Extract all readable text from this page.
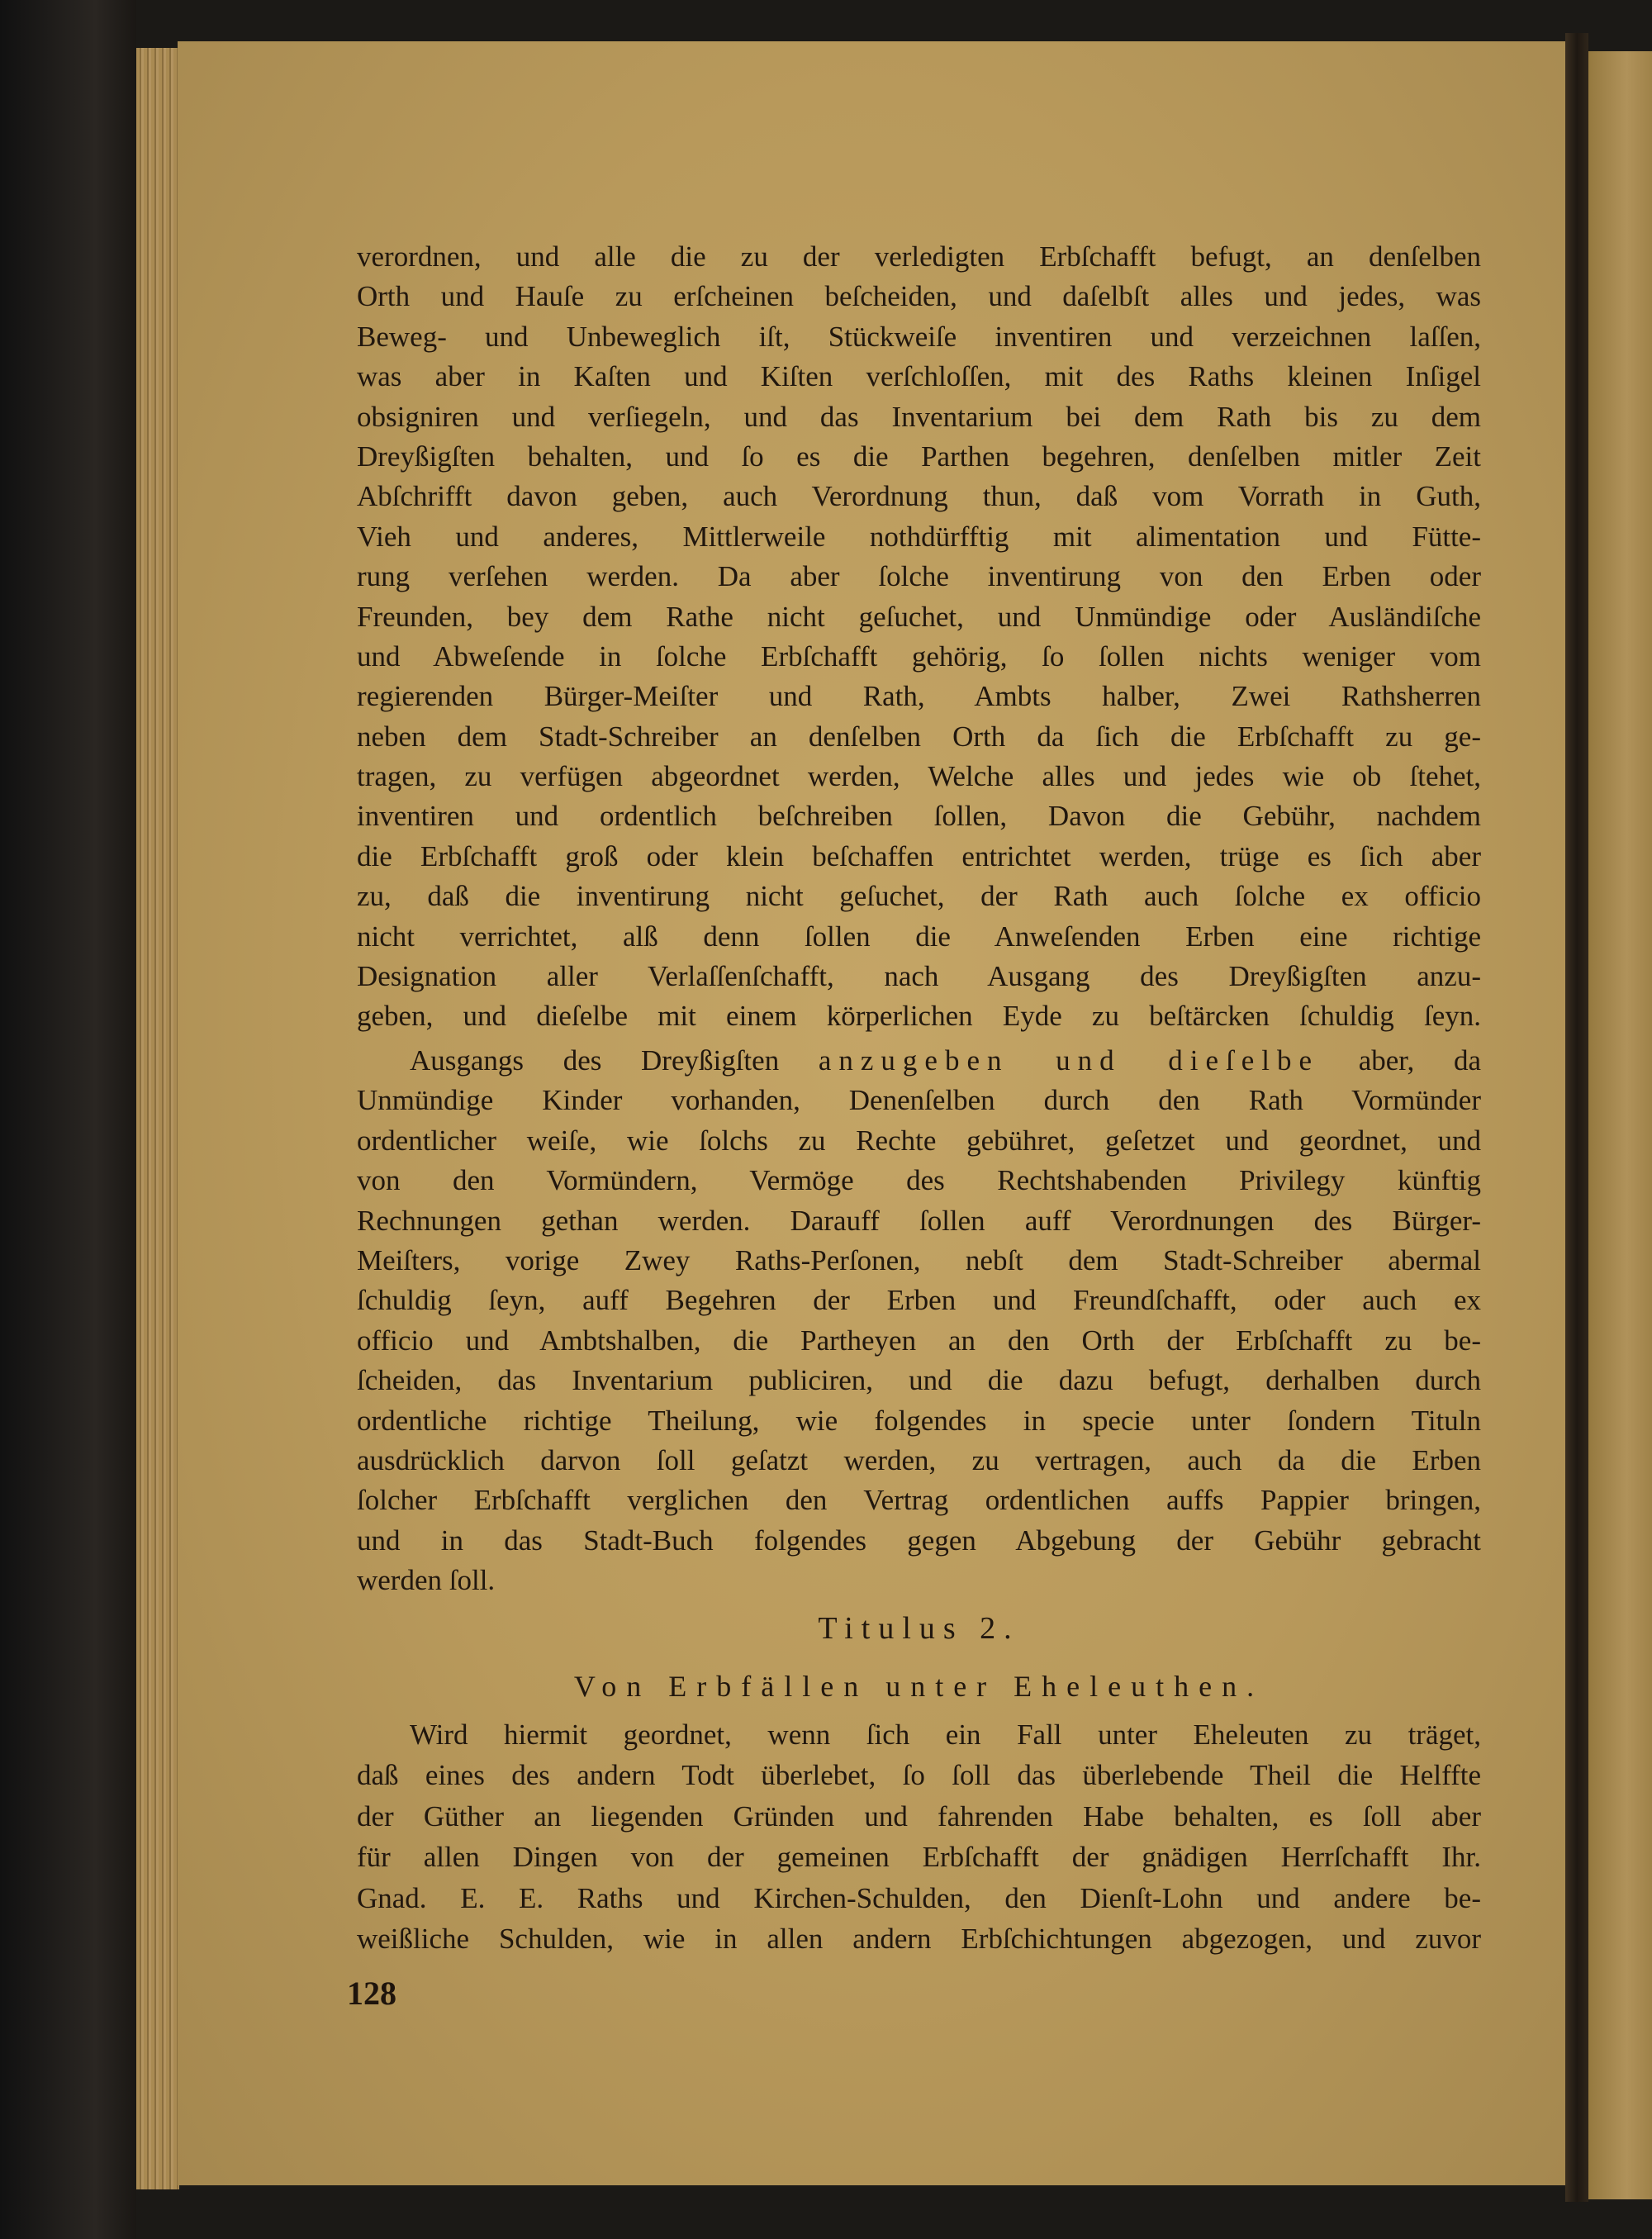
verordnen, und alle die zu der verledigten Erbſchafft befugt, an denſelben
Orth und Hauſe zu erſcheinen beſcheiden, und daſelbſt alles und jedes, was
Beweg- und Unbeweglich iſt, Stückweiſe inventiren und verzeichnen laſſen,
was aber in Kaſten und Kiſten verſchloſſen, mit des Raths kleinen Inſigel
obsigniren und verſiegeln, und das Inventarium bei dem Rath bis zu dem
Dreyßigſten behalten, und ſo es die Parthen begehren, denſelben mitler Zeit
Abſchrifft davon geben, auch Verordnung thun, daß vom Vorrath in Guth,
Vieh und anderes, Mittlerweile nothdürfftig mit alimentation und Fütte-
rung verſehen werden. Da aber ſolche inventirung von den Erben oder
Freunden, bey dem Rathe nicht geſuchet, und Unmündige oder Ausländiſche
und Abweſende in ſolche Erbſchafft gehörig, ſo ſollen nichts weniger vom
regierenden Bürger-Meiſter und Rath, Ambts halber, Zwei Rathsherren
neben dem Stadt-Schreiber an denſelben Orth da ſich die Erbſchafft zu ge-
tragen, zu verfügen abgeordnet werden, Welche alles und jedes wie ob ſtehet,
inventiren und ordentlich beſchreiben ſollen, Davon die Gebühr, nachdem
die Erbſchafft groß oder klein beſchaffen entrichtet werden, trüge es ſich aber
zu, daß die inventirung nicht geſuchet, der Rath auch ſolche ex officio
nicht verrichtet, alß denn ſollen die Anweſenden Erben eine richtige
Designation aller Verlaſſenſchafft, nach Ausgang des Dreyßigſten anzu-
geben, und dieſelbe mit einem körperlichen Eyde zu beſtärcken ſchuldig ſeyn.
Ausgangs des Dreyßigſten anzugeben und dieſelbe aber, da
Unmündige Kinder vorhanden, Denenſelben durch den Rath Vormünder
ordentlicher weiſe, wie ſolchs zu Rechte gebühret, geſetzet und geordnet, und
von den Vormündern, Vermöge des Rechtshabenden Privilegy künftig
Rechnungen gethan werden. Darauff ſollen auff Verordnungen des Bürger-
Meiſters, vorige Zwey Raths-Perſonen, nebſt dem Stadt-Schreiber abermal
ſchuldig ſeyn, auff Begehren der Erben und Freundſchafft, oder auch ex
officio und Ambtshalben, die Partheyen an den Orth der Erbſchafft zu be-
ſcheiden, das Inventarium publiciren, und die dazu befugt, derhalben durch
ordentliche richtige Theilung, wie folgendes in specie unter ſondern Tituln
ausdrücklich darvon ſoll geſatzt werden, zu vertragen, auch da die Erben
ſolcher Erbſchafft verglichen den Vertrag ordentlichen auffs Pappier bringen,
und in das Stadt-Buch folgendes gegen Abgebung der Gebühr gebracht
werden ſoll.
Titulus 2.
Von Erbfällen unter Eheleuthen.
Wird hiermit geordnet, wenn ſich ein Fall unter Eheleuten zu träget,
daß eines des andern Todt überlebet, ſo ſoll das überlebende Theil die Helffte
der Güther an liegenden Gründen und fahrenden Habe behalten, es ſoll aber
für allen Dingen von der gemeinen Erbſchafft der gnädigen Herrſchafft Ihr.
Gnad. E. E. Raths und Kirchen-Schulden, den Dienſt-Lohn und andere be-
weißliche Schulden, wie in allen andern Erbſchichtungen abgezogen, und zuvor
128
